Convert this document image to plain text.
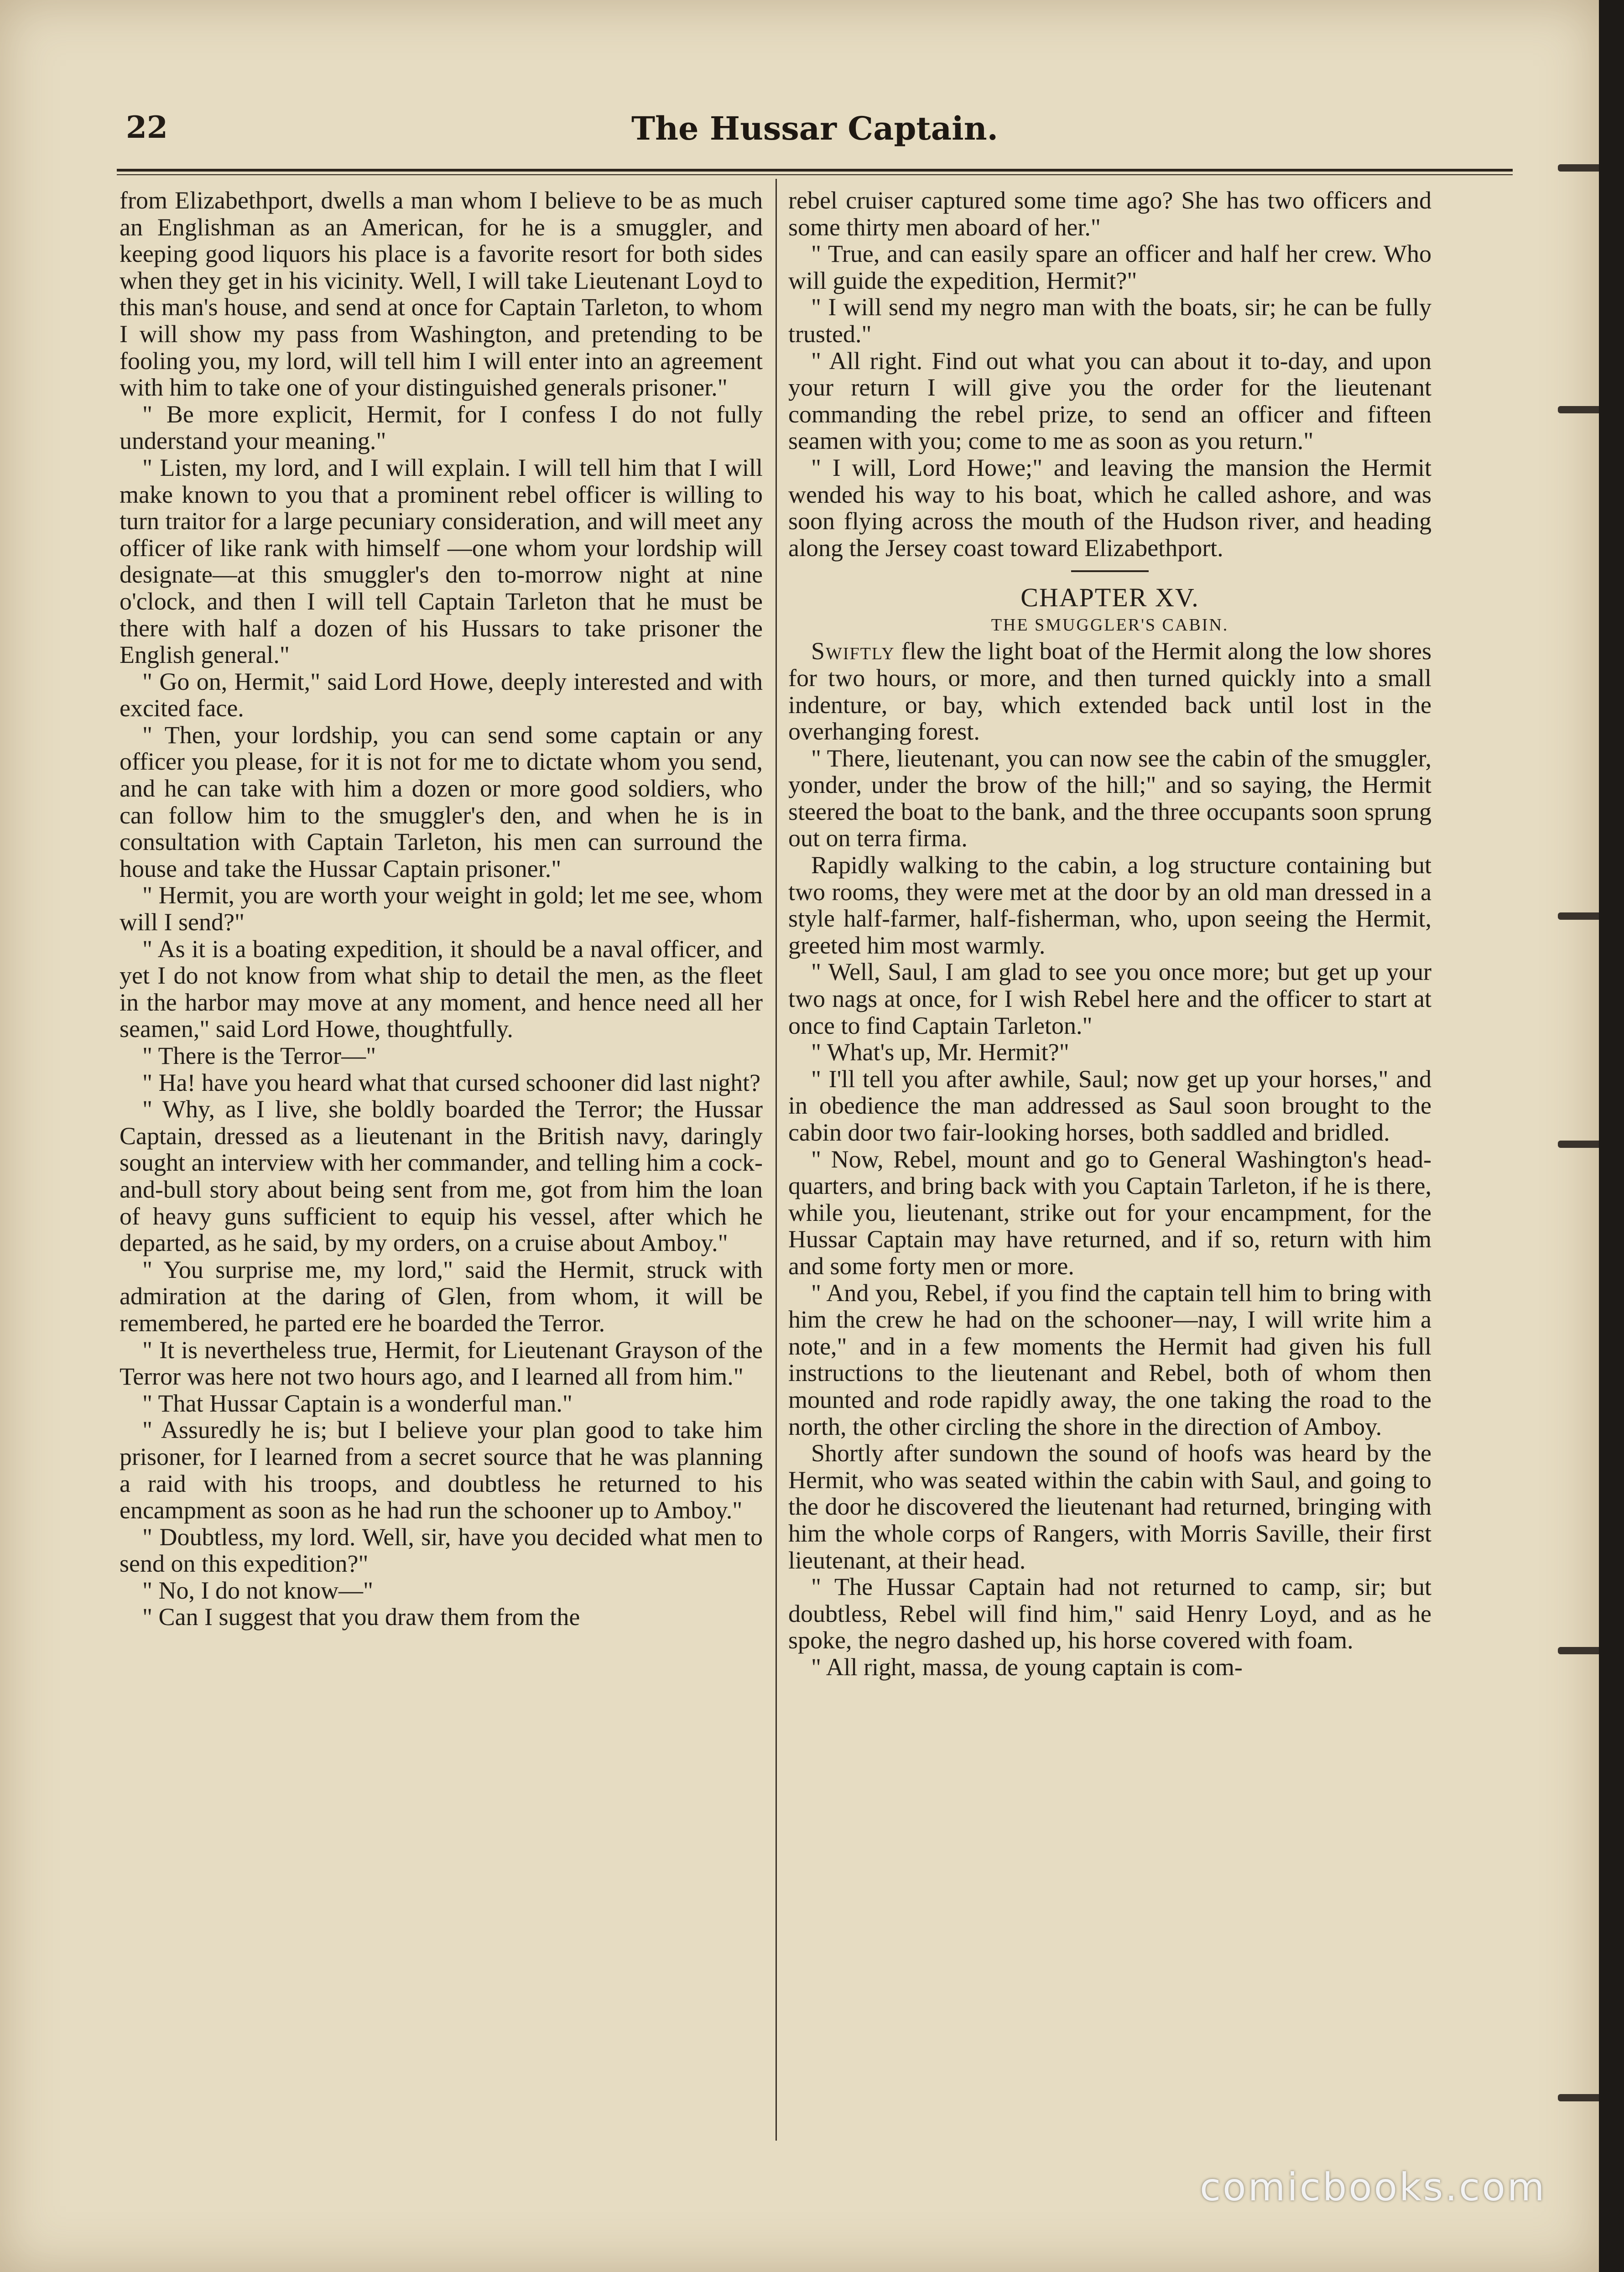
22	The Hussar Captain.

from Elizabethport, dwells a man whom I believe to be as much an Englishman as an American, for he is a smuggler, and keeping good liquors his place is a favorite resort for both sides when they get in his vicinity. Well, I will take Lieutenant Loyd to this man's house, and send at once for Captain Tarleton, to whom I will show my pass from Washington, and pretending to be fooling you, my lord, will tell him I will enter into an agreement with him to take one of your distinguished generals prisoner."

" Be more explicit, Hermit, for I confess I do not fully understand your meaning."

" Listen, my lord, and I will explain. I will tell him that I will make known to you that a prominent rebel officer is willing to turn traitor for a large pecuniary consideration, and will meet any officer of like rank with himself —one whom your lordship will designate—at this smuggler's den to-morrow night at nine o'clock, and then I will tell Captain Tarleton that he must be there with half a dozen of his Hussars to take prisoner the English general."

" Go on, Hermit," said Lord Howe, deeply interested and with excited face.

" Then, your lordship, you can send some captain or any officer you please, for it is not for me to dictate whom you send, and he can take with him a dozen or more good soldiers, who can follow him to the smuggler's den, and when he is in consultation with Captain Tarleton, his men can surround the house and take the Hussar Captain prisoner."

" Hermit, you are worth your weight in gold; let me see, whom will I send?"

" As it is a boating expedition, it should be a naval officer, and yet I do not know from what ship to detail the men, as the fleet in the harbor may move at any moment, and hence need all her seamen," said Lord Howe, thoughtfully.

" There is the Terror—"

" Ha! have you heard what that cursed schooner did last night?

" Why, as I live, she boldly boarded the Terror; the Hussar Captain, dressed as a lieutenant in the British navy, daringly sought an interview with her commander, and telling him a cock-and-bull story about being sent from me, got from him the loan of heavy guns sufficient to equip his vessel, after which he departed, as he said, by my orders, on a cruise about Amboy."

" You surprise me, my lord," said the Hermit, struck with admiration at the daring of Glen, from whom, it will be remembered, he parted ere he boarded the Terror.

" It is nevertheless true, Hermit, for Lieutenant Grayson of the Terror was here not two hours ago, and I learned all from him."

" That Hussar Captain is a wonderful man."

" Assuredly he is; but I believe your plan good to take him prisoner, for I learned from a secret source that he was planning a raid with his troops, and doubtless he returned to his encampment as soon as he had run the schooner up to Amboy."

" Doubtless, my lord. Well, sir, have you decided what men to send on this expedition?"

" No, I do not know—"

" Can I suggest that you draw them from the

rebel cruiser captured some time ago? She has two officers and some thirty men aboard of her."

" True, and can easily spare an officer and half her crew. Who will guide the expedition, Hermit?"

" I will send my negro man with the boats, sir; he can be fully trusted."

" All right. Find out what you can about it to-day, and upon your return I will give you the order for the lieutenant commanding the rebel prize, to send an officer and fifteen seamen with you; come to me as soon as you return."

" I will, Lord Howe;" and leaving the mansion the Hermit wended his way to his boat, which he called ashore, and was soon flying across the mouth of the Hudson river, and heading along the Jersey coast toward Elizabethport.

CHAPTER XV.

THE SMUGGLER'S CABIN.

Swiftly flew the light boat of the Hermit along the low shores for two hours, or more, and then turned quickly into a small indenture, or bay, which extended back until lost in the overhanging forest.

" There, lieutenant, you can now see the cabin of the smuggler, yonder, under the brow of the hill;" and so saying, the Hermit steered the boat to the bank, and the three occupants soon sprung out on terra firma.

Rapidly walking to the cabin, a log structure containing but two rooms, they were met at the door by an old man dressed in a style half-farmer, half-fisherman, who, upon seeing the Hermit, greeted him most warmly.

" Well, Saul, I am glad to see you once more; but get up your two nags at once, for I wish Rebel here and the officer to start at once to find Captain Tarleton."

" What's up, Mr. Hermit?"

" I'll tell you after awhile, Saul; now get up your horses," and in obedience the man addressed as Saul soon brought to the cabin door two fair-looking horses, both saddled and bridled.

" Now, Rebel, mount and go to General Washington's head-quarters, and bring back with you Captain Tarleton, if he is there, while you, lieutenant, strike out for your encampment, for the Hussar Captain may have returned, and if so, return with him and some forty men or more.

" And you, Rebel, if you find the captain tell him to bring with him the crew he had on the schooner—nay, I will write him a note," and in a few moments the Hermit had given his full instructions to the lieutenant and Rebel, both of whom then mounted and rode rapidly away, the one taking the road to the north, the other circling the shore in the direction of Amboy.

Shortly after sundown the sound of hoofs was heard by the Hermit, who was seated within the cabin with Saul, and going to the door he discovered the lieutenant had returned, bringing with him the whole corps of Rangers, with Morris Saville, their first lieutenant, at their head.

" The Hussar Captain had not returned to camp, sir; but doubtless, Rebel will find him," said Henry Loyd, and as he spoke, the negro dashed up, his horse covered with foam.

" All right, massa, de young captain is com-

comicbooks.com
